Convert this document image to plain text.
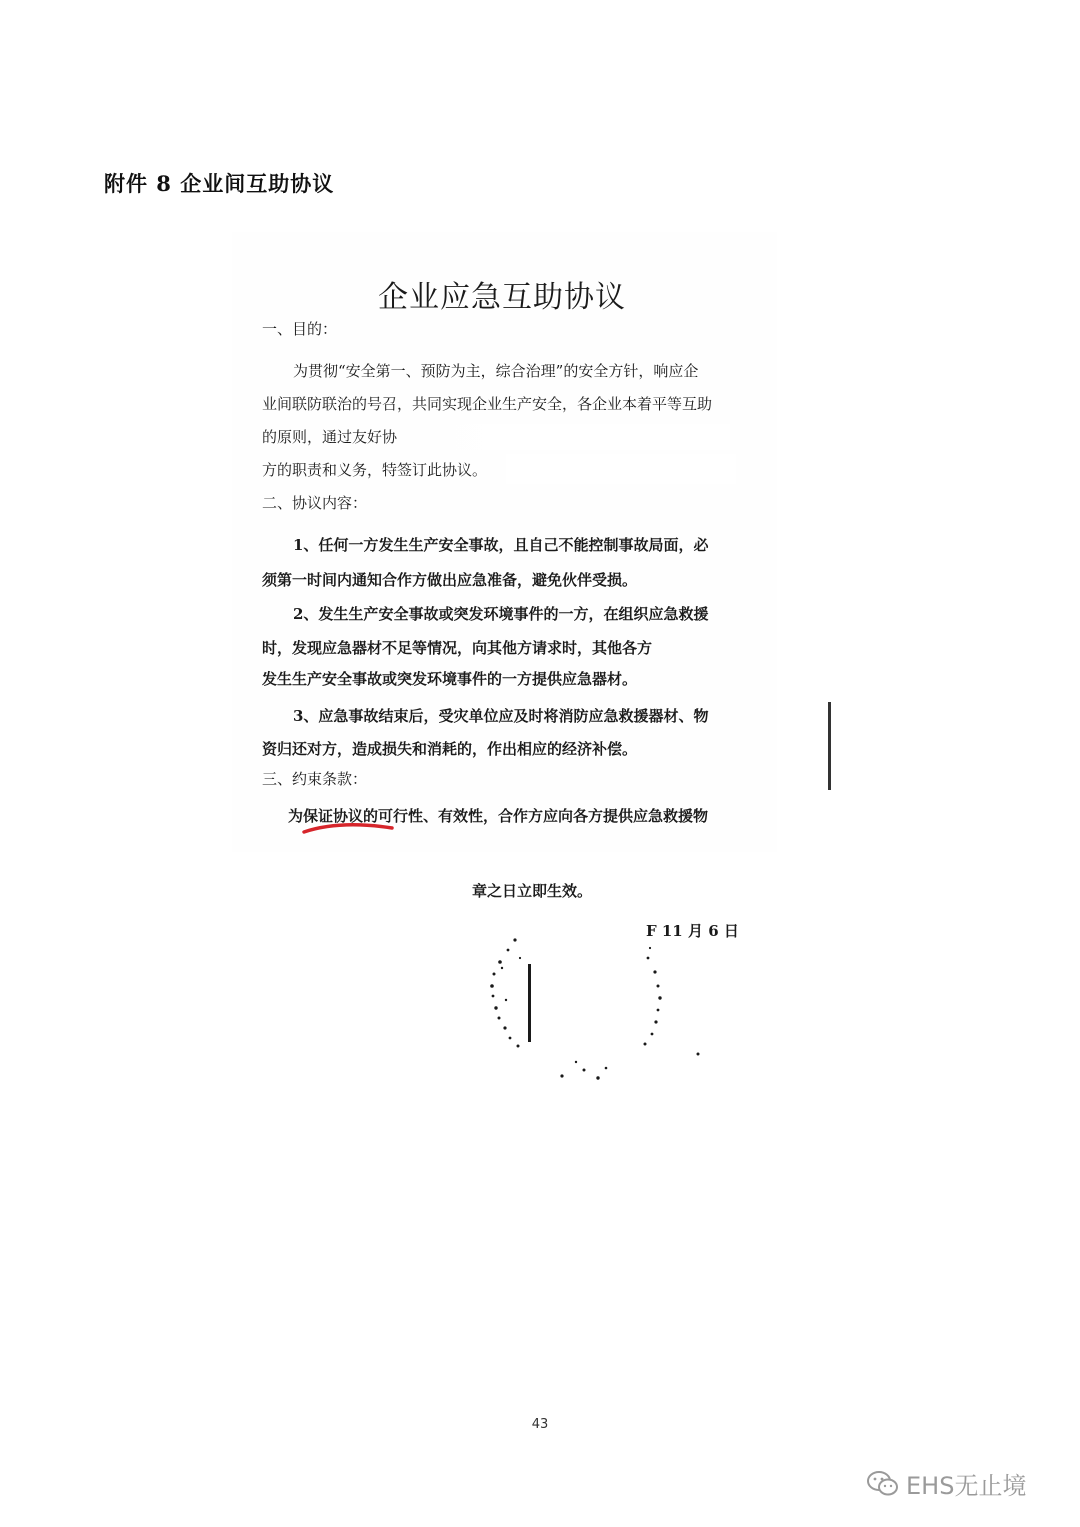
附件 8 企业间互助协议
企业应急互助协议
一、目的：
为贯彻“安全第一、预防为主，综合治理”的安全方针，响应企
业间联防联治的号召，共同实现企业生产安全，各企业本着平等互助
的原则，通过友好协
方的职责和义务，特签订此协议。
二、协议内容：
1、任何一方发生生产安全事故，且自己不能控制事故局面，必
须第一时间内通知合作方做出应急准备，避免伙伴受损。
2、发生生产安全事故或突发环境事件的一方，在组织应急救援
时，发现应急器材不足等情况，向其他方请求时，其他各方
发生生产安全事故或突发环境事件的一方提供应急器材。
3、应急事故结束后，受灾单位应及时将消防应急救援器材、物
资归还对方，造成损失和消耗的，作出相应的经济补偿。
三、约束条款：
为保证协议的可行性、有效性，合作方应向各方提供应急救援物
章之日立即生效。
F 11 月 6 日
43
EHS无止境
